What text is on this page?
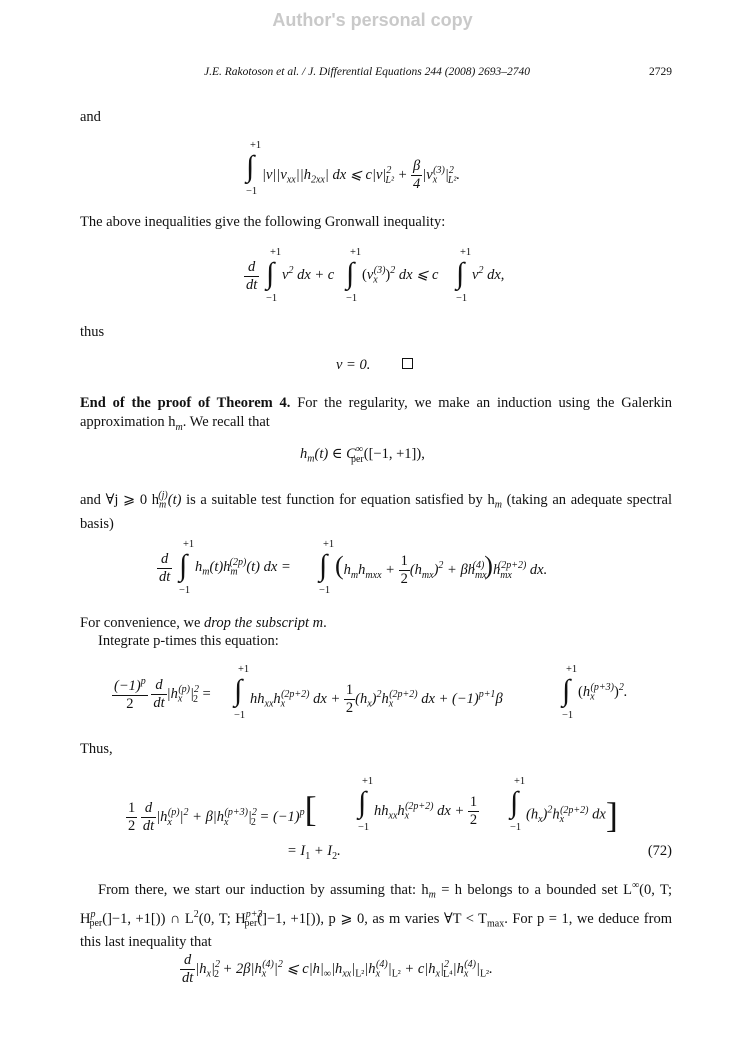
Author's personal copy
J.E. Rakotoson et al. / J. Differential Equations 244 (2008) 2693–2740	2729
and
+1
∫
−1
$|v||v_{xx}||h_{2xx}|$ dx ⩽ $c|v|^2_{L^2} + \frac{\beta}{4} |v_x^{(3)}|^2_{L^2}$.
The above inequalities give the following Gronwall inequality:
$\frac{d}{dt}$
+1
∫
−1
$v^2$ dx + c
+1
∫
−1
$(v_x^{(3)})^2$ dx ⩽ c
+1
∫
−1
$v^2$ dx,
thus
v = 0.
End of the proof of Theorem 4. For the regularity, we make an induction using the Galerkin approximation $h_m$. We recall that
$h_m(t)$ ∈ $C^\infty_{per}([-1$, +1]),
and ∀j ⩾ 0 $h_m^{(j)}(t)$ is a suitable test function for equation satisfied by $h_m$ (taking an adequate spectral basis)
$\frac{d}{dt}$
+1
∫
−1
$h_m(t)h_m^{(2p)}(t)$ dx =
+1
∫
−1
$(h_mh_{mxx} + \frac{1}{2} (h_{mx})^2 + \beta h_{mx}^{(4)})h_{mx}^{(2p+2)}$ dx.
For convenience, we drop the subscript m.
Integrate p-times this equation:
$\frac{(-1)^p}{2}$
$\frac{d}{dt} |h_x^{(p)}|^2_2$ =
+1
∫
−1
$hh_{xx}h_x^{(2p+2)}$ dx + $\frac{1}{2} (h_x)^2h_x^{(2p+2)}$ dx + $(-1)^{p+1}\beta$
+1
∫
−1
$(h_x^{(p+3)})^2$.
Thus,
$\frac{1}{2}$
$\frac{d}{dt} |h_x^{(p)}|^2 + \beta|h_x^{(p+3)}|^2_2 = (-1)^p$[
+1
∫
−1
$hh_{xx}h_x^{(2p+2)}$ dx + $\frac{1}{2}$
+1
∫
−1
$(h_x)^2h_x^{(2p+2)}$ dx]
= $I_1 + I_2$.	(72)
From there, we start our induction by assuming that: $h_m = h$ belongs to a bounded set L∞(0, T; $H^p_{per}(]-1$, +1[)) ∩ $L^2(0$, T; $H^{p+3}_{per}(]-1$, +1[)), p ⩾ 0, as m varies ∀T < $T_{max}$. For p = 1, we deduce from this last inequality that
$\frac{d}{dt} |h_x|^2_2 + 2\beta|h_x^{(4)}|^2$ ⩽ $c|h|_\infty|h_{xx}|_{L^2}|h_x^{(4)}|_{L^2} + c|h_x|^2_{L^4}|h_x^{(4)}|_{L^2}$.
